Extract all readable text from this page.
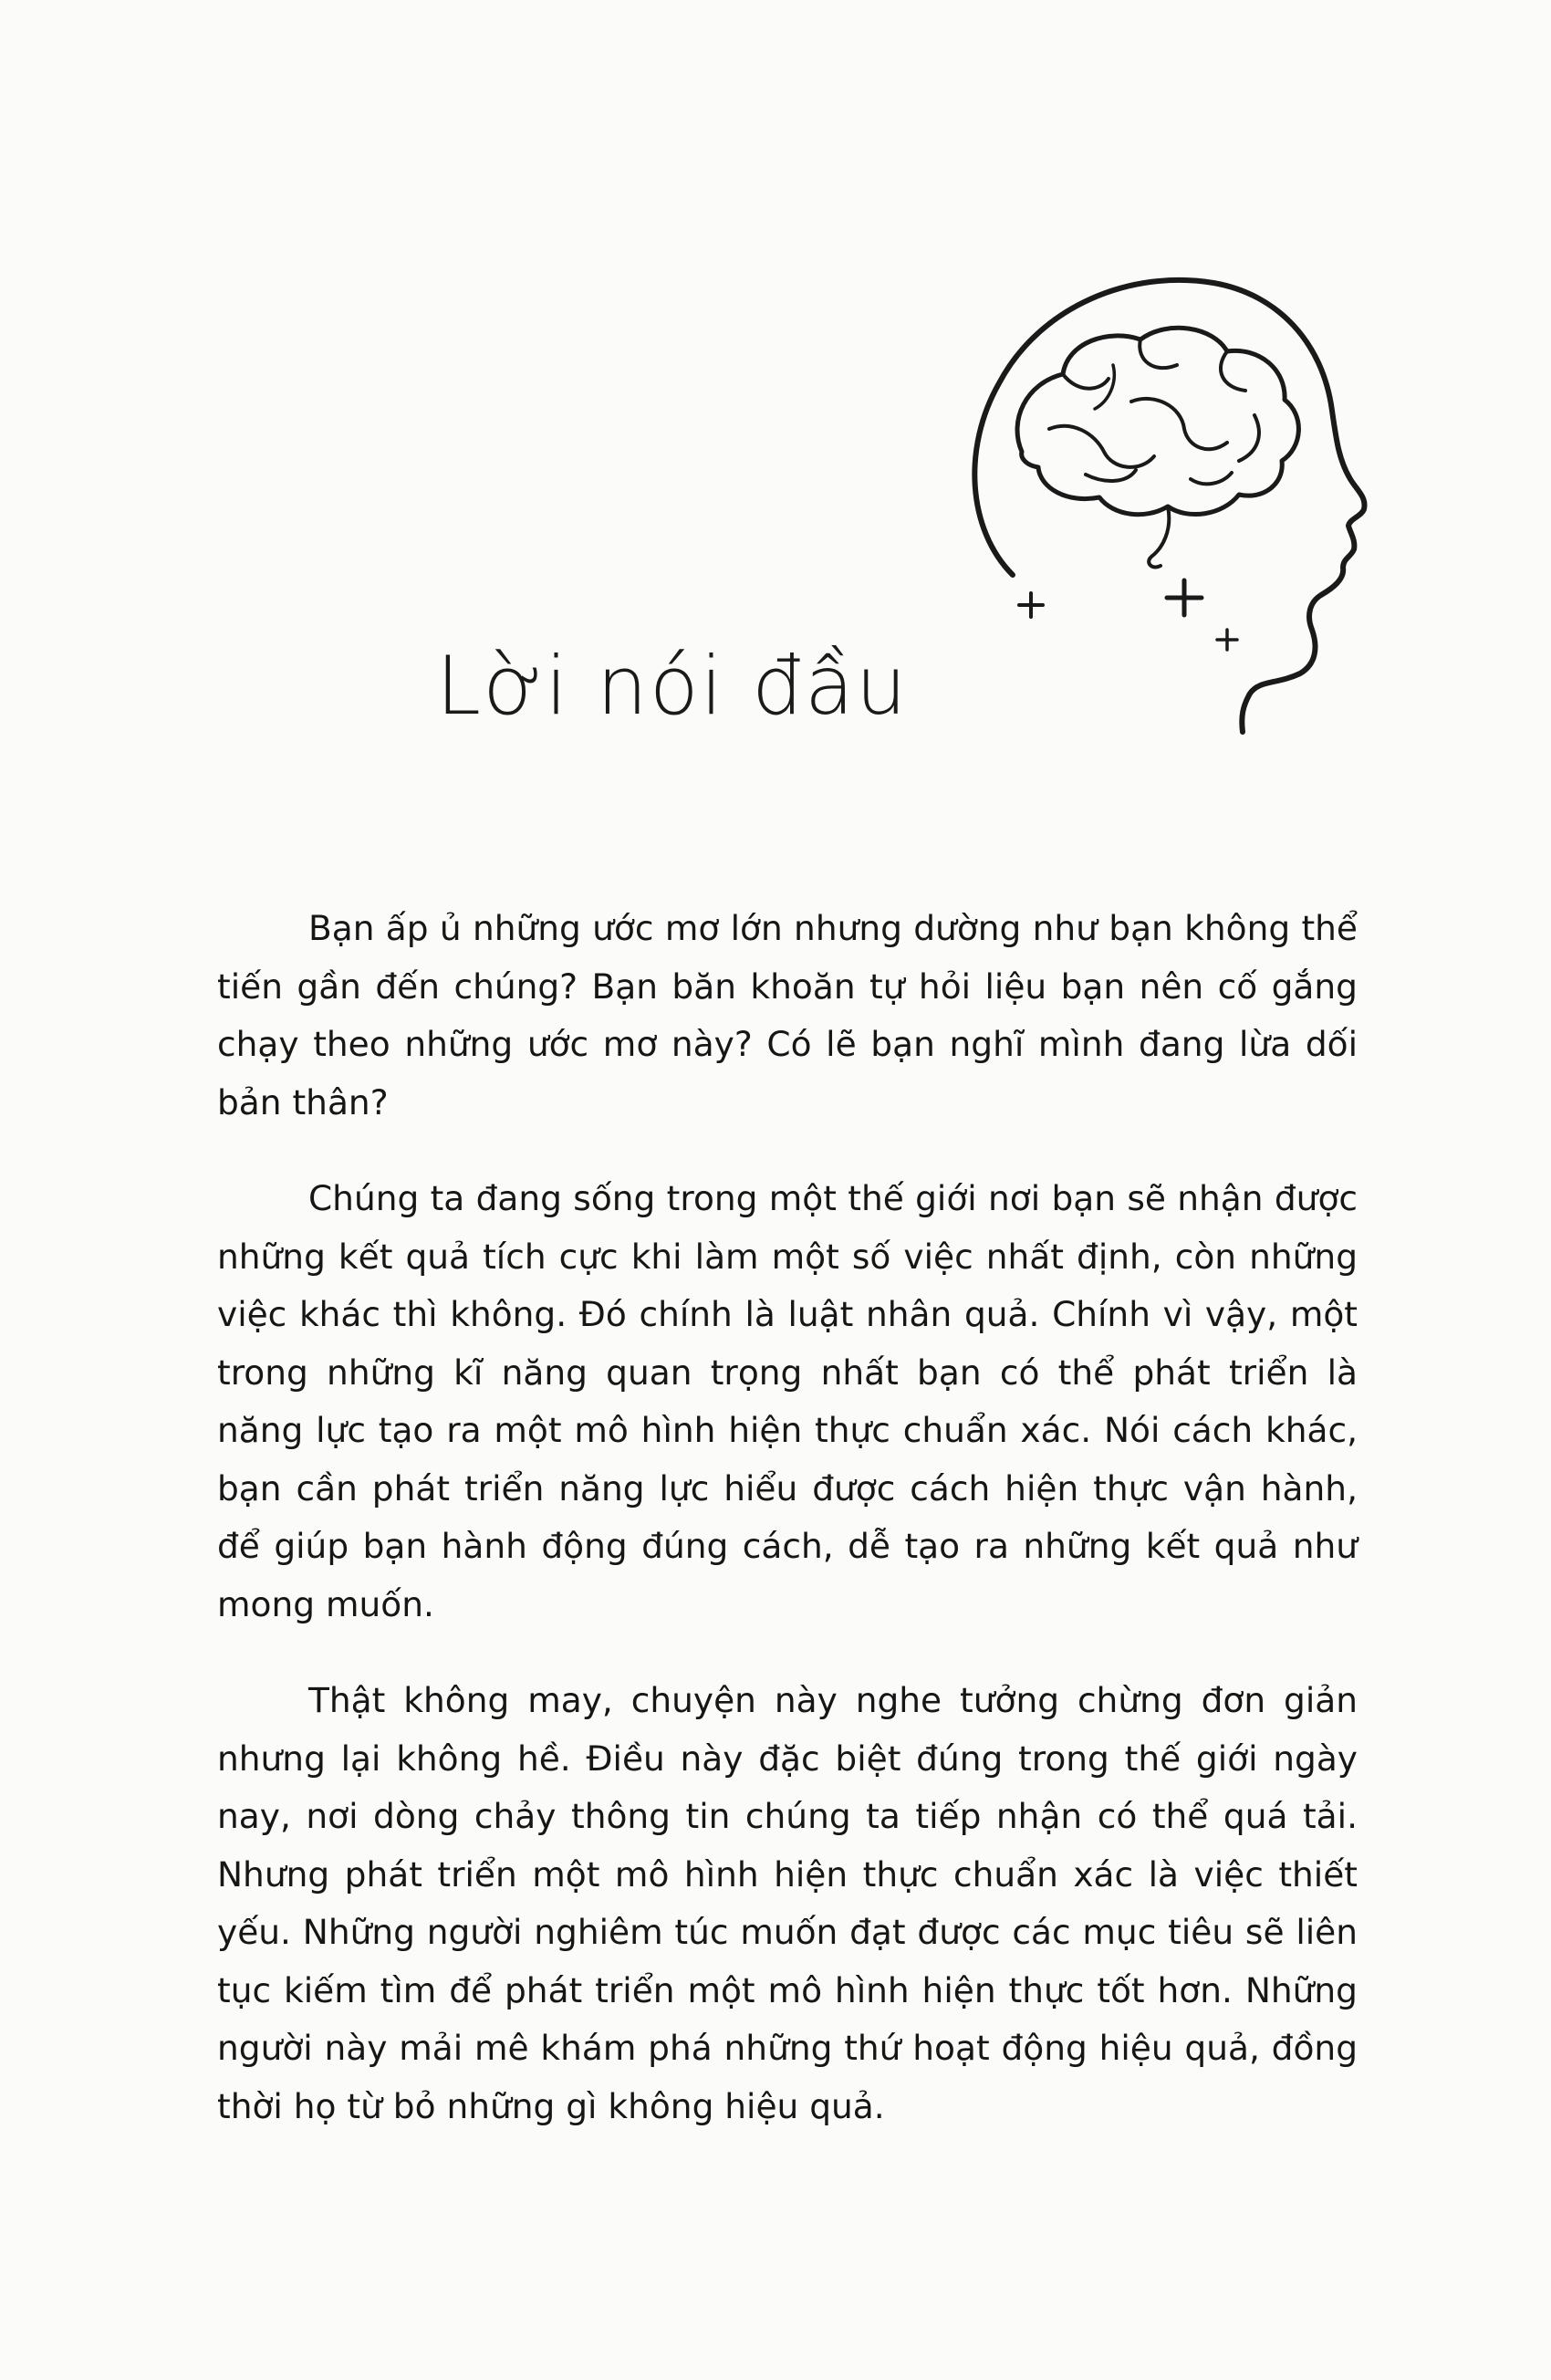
Lời nói đầu

Bạn ấp ủ những ước mơ lớn nhưng dường như bạn không thể tiến gần đến chúng? Bạn băn khoăn tự hỏi liệu bạn nên cố gắng chạy theo những ước mơ này? Có lẽ bạn nghĩ mình đang lừa dối bản thân?

Chúng ta đang sống trong một thế giới nơi bạn sẽ nhận được những kết quả tích cực khi làm một số việc nhất định, còn những việc khác thì không. Đó chính là luật nhân quả. Chính vì vậy, một trong những kĩ năng quan trọng nhất bạn có thể phát triển là năng lực tạo ra một mô hình hiện thực chuẩn xác. Nói cách khác, bạn cần phát triển năng lực hiểu được cách hiện thực vận hành, để giúp bạn hành động đúng cách, dễ tạo ra những kết quả như mong muốn.

Thật không may, chuyện này nghe tưởng chừng đơn giản nhưng lại không hề. Điều này đặc biệt đúng trong thế giới ngày nay, nơi dòng chảy thông tin chúng ta tiếp nhận có thể quá tải. Nhưng phát triển một mô hình hiện thực chuẩn xác là việc thiết yếu. Những người nghiêm túc muốn đạt được các mục tiêu sẽ liên tục kiếm tìm để phát triển một mô hình hiện thực tốt hơn. Những người này mải mê khám phá những thứ hoạt động hiệu quả, đồng thời họ từ bỏ những gì không hiệu quả.
